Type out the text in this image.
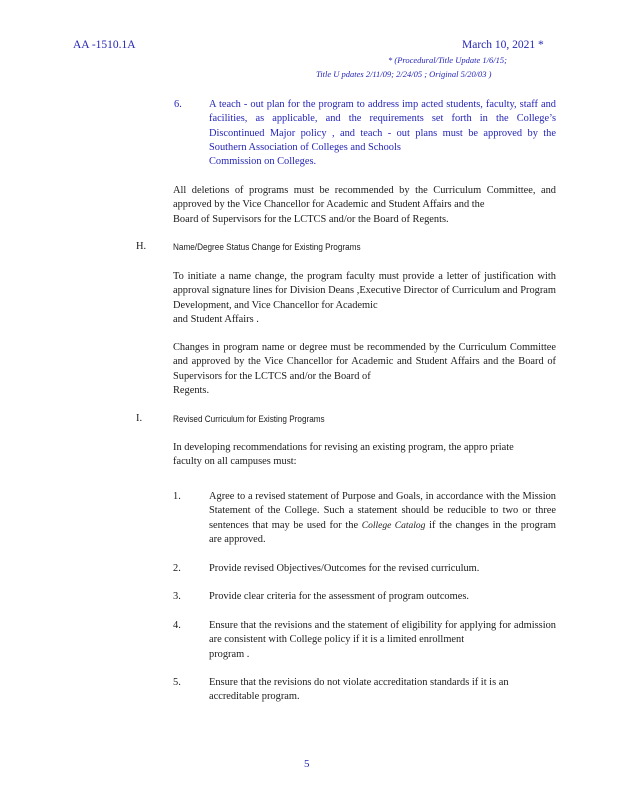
AA -1510.1A	March 10, 2021 *
* (Procedural/Title Update 1/6/15;
Title U pdates 2/11/09; 2/24/05 ; Original 5/20/03 )
6.	A teach - out plan for the program to address imp acted students, faculty, staff and facilities, as applicable, and the requirements set forth in the College’s Discontinued Major policy , and teach - out plans must be approved by the Southern Association of Colleges and Schools
Commission on Colleges.
All deletions of programs must be recommended by the Curriculum Committee, and approved by the Vice Chancellor for Academic and Student Affairs and the
Board of Supervisors for the LCTCS and/or the Board of Regents.
H.	Name/Degree Status Change for Existing Programs
To initiate a name change, the program faculty must provide a letter of justification with approval signature lines for Division Deans ,Executive Director of Curriculum and Program Development, and Vice Chancellor for Academic
and Student Affairs .
Changes in program name or degree must be recommended by the Curriculum Committee and approved by the Vice Chancellor for Academic and Student Affairs and the Board of Supervisors for the LCTCS and/or the Board of
Regents.
I.	Revised Curriculum for Existing Programs
In developing recommendations for revising an existing program, the appro priate
faculty on all campuses must:
1.	Agree to a revised statement of Purpose and Goals, in accordance with the Mission Statement of the College. Such a statement should be reducible to two or three sentences that may be used for the College Catalog if the changes in the program are approved.
2.	Provide revised Objectives/Outcomes for the revised curriculum.
3.	Provide clear criteria for the assessment of program outcomes.
4.	Ensure that the revisions and the statement of eligibility for applying for admission are consistent with College policy if it is a limited enrollment
program .
5.	Ensure that the revisions do not violate accreditation standards if it is an
accreditable program.
5
